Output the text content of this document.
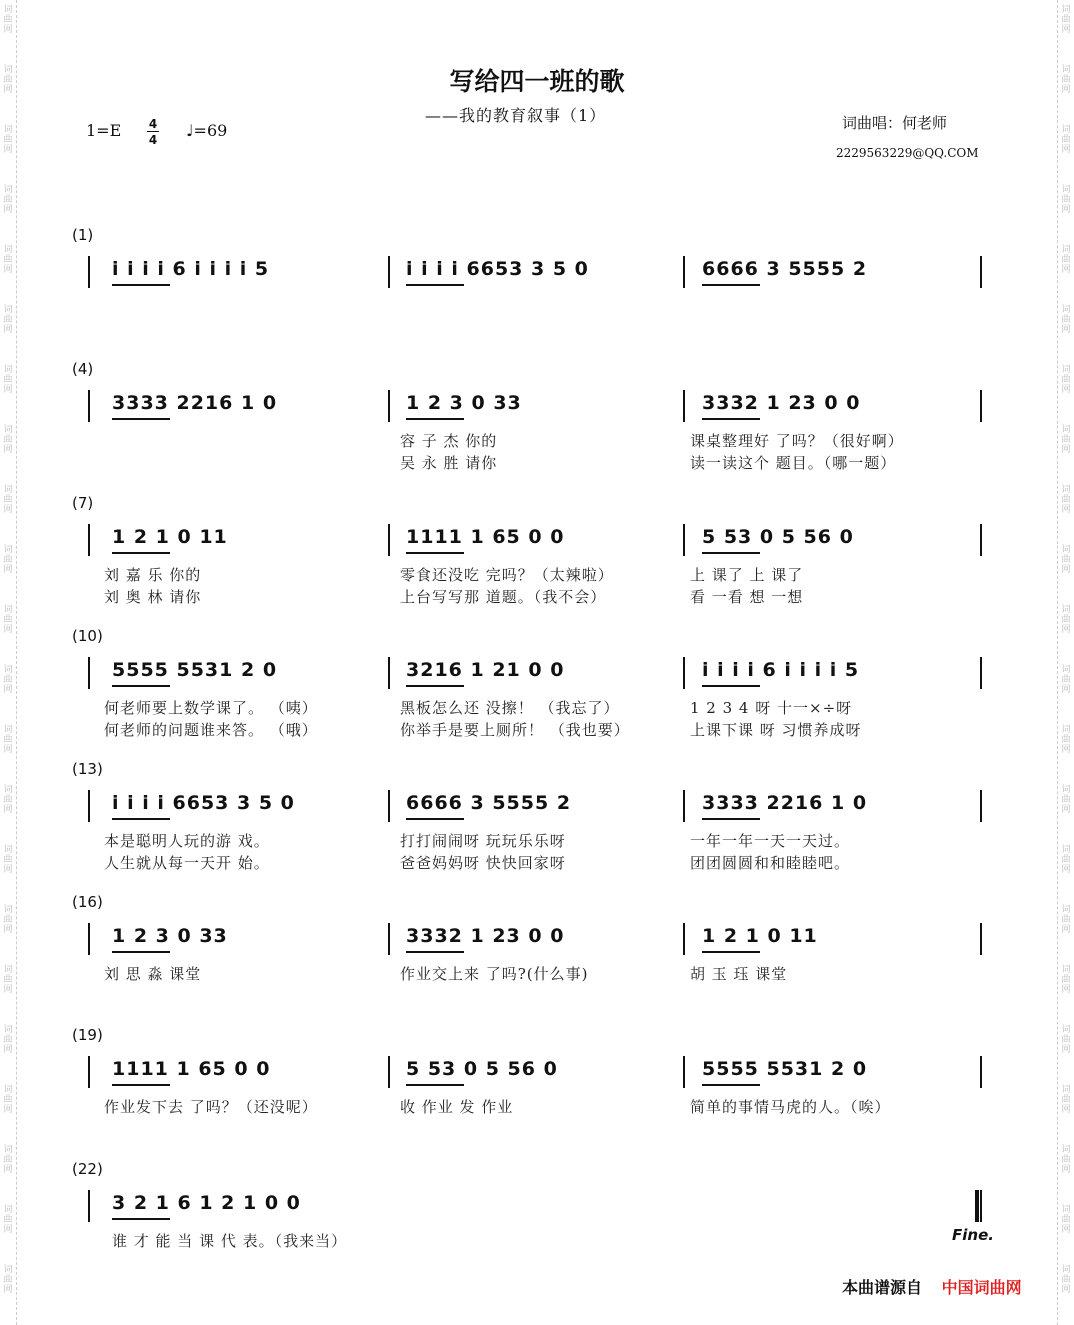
词
曲
网
词
曲
网
词
曲
网
词
曲
网
词
曲
网
词
曲
网
词
曲
网
词
曲
网
词
曲
网
词
曲
网
词
曲
网
词
曲
网
词
曲
网
词
曲
网
词
曲
网
词
曲
网
词
曲
网
词
曲
网
词
曲
网
词
曲
网
词
曲
网
词
曲
网
词
曲
网
词
曲
网
词
曲
网
词
曲
网
词
曲
网
词
曲
网
词
曲
网
词
曲
网
词
曲
网
词
曲
网
词
曲
网
词
曲
网
词
曲
网
词
曲
网
词
曲
网
词
曲
网
词
曲
网
词
曲
网
词
曲
网
词
曲
网
词
曲
网
词
曲
网
写给四一班的歌
——我的教育叙事（1）
1=E 4
4 ♩=69	词曲唱：何老师
2229563229@QQ.COM
(1)
i i i i 6 i i i i 5	i i i i 6653 3 5 0	6666 3 5555 2
(4)
3333 2216 1 0	1 2 3 0 33	3332 1 23 0 0
容 子 杰 你的	课桌整理好 了吗？（很好啊）
吴 永 胜 请你	读一读这个 题目。（哪一题）
(7)
1 2 1 0 11	1111 1 65 0 0	5 53 0 5 56 0
刘 嘉 乐 你的	零食还没吃 完吗？（太辣啦）	上 课了 上 课了
刘 奥 林 请你	上台写写那 道题。（我不会）	看 一看 想 一想
(10)
5555 5531 2 0	3216 1 21 0 0	i i i i 6 i i i i 5
何老师要上数学课了。 （咦）	黑板怎么还 没擦！ （我忘了）	1 2 3 4 呀 十一×÷呀
何老师的问题谁来答。 （哦）	你举手是要上厕所！ （我也要）	上课下课 呀 习惯养成呀
(13)
i i i i 6653 3 5 0	6666 3 5555 2	3333 2216 1 0
本是聪明人玩的游 戏。	打打闹闹呀 玩玩乐乐呀	一年一年一天一天过。
人生就从每一天开 始。	爸爸妈妈呀 快快回家呀	团团圆圆和和睦睦吧。
(16)
1 2 3 0 33	3332 1 23 0 0	1 2 1 0 11
刘 思 淼 课堂	作业交上来 了吗?(什么事)	胡 玉 珏 课堂
(19)
1111 1 65 0 0	5 53 0 5 56 0	5555 5531 2 0
作业发下去 了吗？（还没呢）	收 作业 发 作业	简单的事情马虎的人。（唉）
(22)
3 2 1 6 1 2 1 0 0
谁 才 能 当 课 代 表。（我来当）	Fine.
本曲谱源自 中国词曲网
